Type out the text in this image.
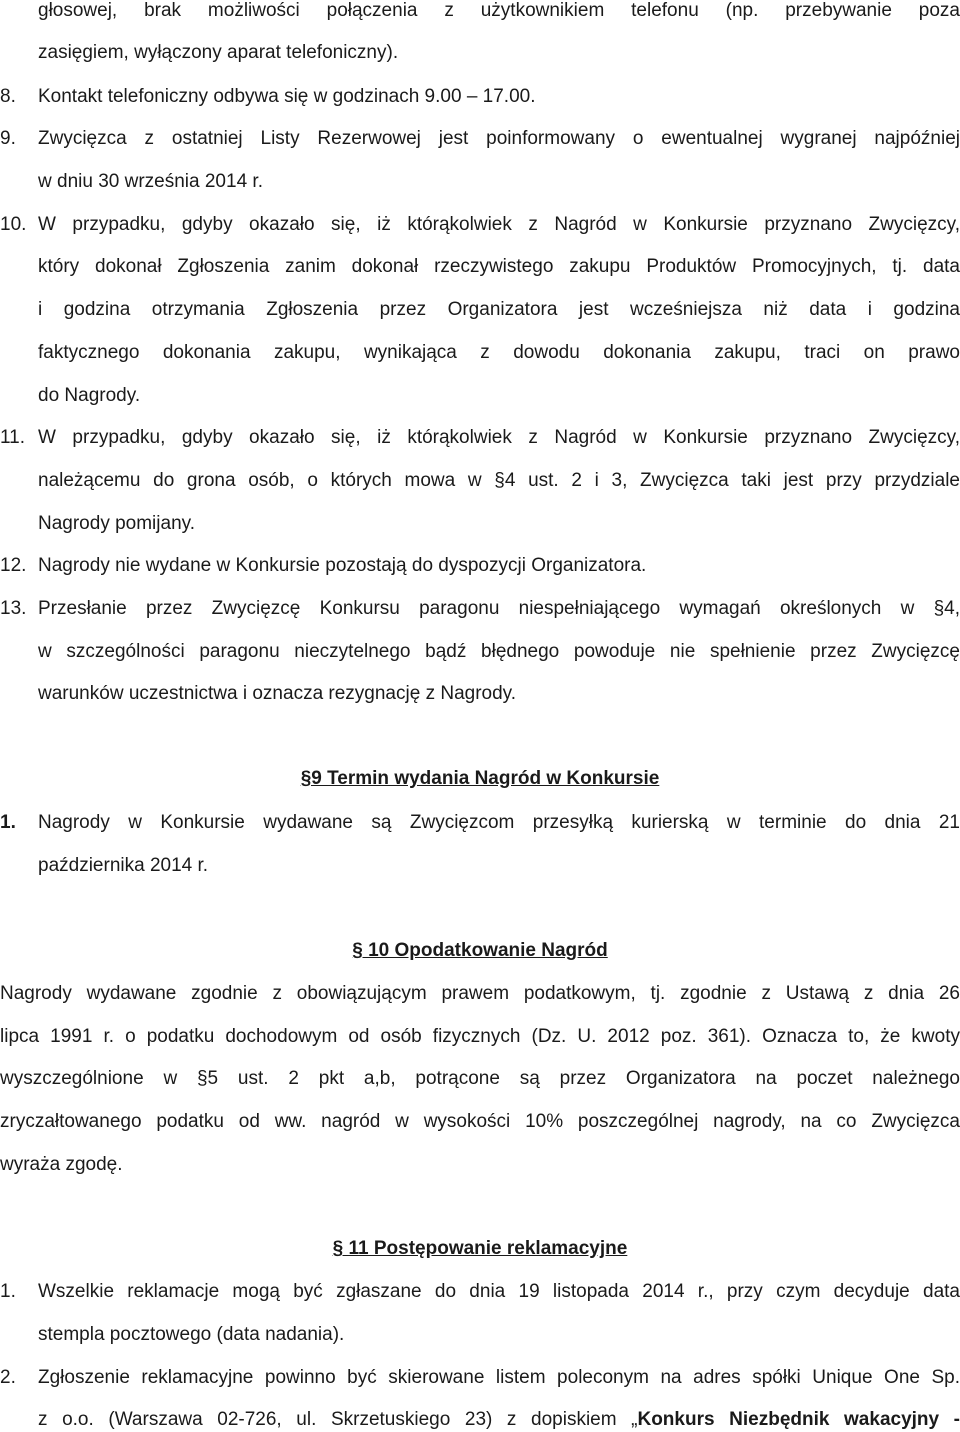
głosowej, brak możliwości połączenia z użytkownikiem telefonu (np. przebywanie poza
zasięgiem, wyłączony aparat telefoniczny).
8. Kontakt telefoniczny odbywa się w godzinach 9.00 – 17.00.
9. Zwycięzca z ostatniej Listy Rezerwowej jest poinformowany o ewentualnej wygranej najpóźniej
w dniu 30 września 2014 r.
10. W przypadku, gdyby okazało się, iż którąkolwiek z Nagród w Konkursie przyznano Zwycięzcy,
który dokonał Zgłoszenia zanim dokonał rzeczywistego zakupu Produktów Promocyjnych, tj. data
i godzina otrzymania Zgłoszenia przez Organizatora jest wcześniejsza niż data i godzina
faktycznego dokonania zakupu, wynikająca z dowodu dokonania zakupu, traci on prawo
do Nagrody.
11. W przypadku, gdyby okazało się, iż którąkolwiek z Nagród w Konkursie przyznano Zwycięzcy,
należącemu do grona osób, o których mowa w §4 ust. 2 i 3, Zwycięzca taki jest przy przydziale
Nagrody pomijany.
12. Nagrody nie wydane w Konkursie pozostają do dyspozycji Organizatora.
13. Przesłanie przez Zwycięzcę Konkursu paragonu niespełniającego wymagań określonych w §4,
w szczególności paragonu nieczytelnego bądź błędnego powoduje nie spełnienie przez Zwycięzcę
warunków uczestnictwa i oznacza rezygnację z Nagrody.
§9 Termin wydania Nagród w Konkursie
1. Nagrody w Konkursie wydawane są Zwycięzcom przesyłką kurierską w terminie do dnia 21
października 2014 r.
§ 10 Opodatkowanie Nagród
Nagrody wydawane zgodnie z obowiązującym prawem podatkowym, tj. zgodnie z Ustawą z dnia 26
lipca 1991 r. o podatku dochodowym od osób fizycznych (Dz. U. 2012 poz. 361). Oznacza to, że kwoty
wyszczególnione w §5 ust. 2 pkt a,b, potrącone są przez Organizatora na poczet należnego
zryczałtowanego podatku od ww. nagród w wysokości 10% poszczególnej nagrody, na co Zwycięzca
wyraża zgodę.
§ 11 Postępowanie reklamacyjne
1. Wszelkie reklamacje mogą być zgłaszane do dnia 19 listopada 2014 r., przy czym decyduje data
stempla pocztowego (data nadania).
2. Zgłoszenie reklamacyjne powinno być skierowane listem poleconym na adres spółki Unique One Sp.
z o.o. (Warszawa 02-726, ul. Skrzetuskiego 23) z dopiskiem „Konkurs Niezbędnik wakacyjny -
